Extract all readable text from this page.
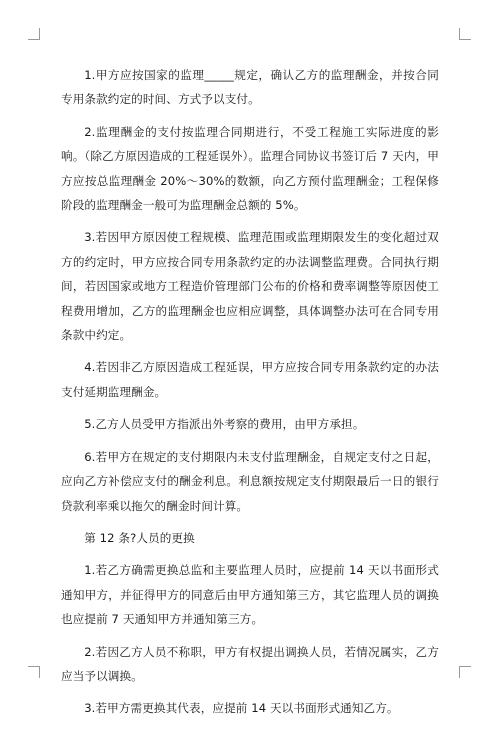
1.甲方应按国家的监理_____规定，确认乙方的监理酬金，并按合同专用条款约定的时间、方式予以支付。

2.监理酬金的支付按监理合同期进行，不受工程施工实际进度的影响。（除乙方原因造成的工程延误外）。监理合同协议书签订后 7 天内，甲方应按总监理酬金 20%～30%的数额，向乙方预付监理酬金；工程保修阶段的监理酬金一般可为监理酬金总额的 5%。

3.若因甲方原因使工程规模、监理范围或监理期限发生的变化超过双方的约定时，甲方应按合同专用条款约定的办法调整监理费。合同执行期间，若因国家或地方工程造价管理部门公布的价格和费率调整等原因使工程费用增加，乙方的监理酬金也应相应调整，具体调整办法可在合同专用条款中约定。

4.若因非乙方原因造成工程延误，甲方应按合同专用条款约定的办法支付延期监理酬金。

5.乙方人员受甲方指派出外考察的费用，由甲方承担。

6.若甲方在规定的支付期限内未支付监理酬金，自规定支付之日起，应向乙方补偿应支付的酬金利息。利息额按规定支付期限最后一日的银行贷款利率乘以拖欠的酬金时间计算。

第 12 条?人员的更换

1.若乙方确需更换总监和主要监理人员时，应提前 14 天以书面形式通知甲方，并征得甲方的同意后由甲方通知第三方，其它监理人员的调换也应提前 7 天通知甲方并通知第三方。

2.若因乙方人员不称职，甲方有权提出调换人员，若情况属实，乙方应当予以调换。

3.若甲方需更换其代表，应提前 14 天以书面形式通知乙方。
